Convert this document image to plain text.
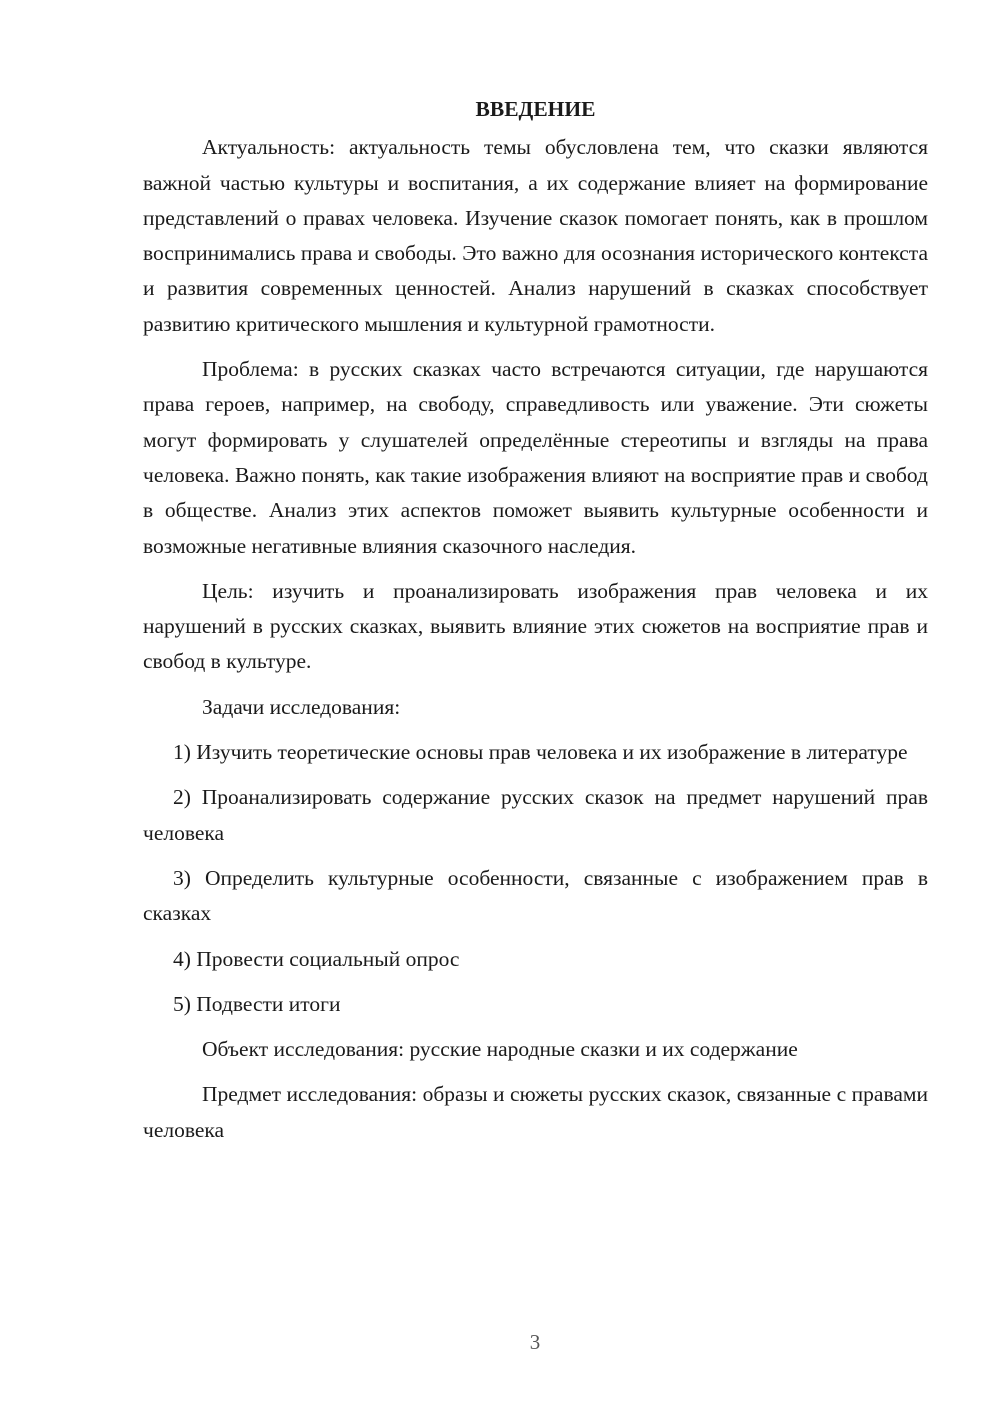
ВВЕДЕНИЕ

Актуальность: актуальность темы обусловлена тем, что сказки являются важной частью культуры и воспитания, а их содержание влияет на формирование представлений о правах человека. Изучение сказок помогает понять, как в прошлом воспринимались права и свободы. Это важно для осознания исторического контекста и развития современных ценностей. Анализ нарушений в сказках способствует развитию критического мышления и культурной грамотности.

Проблема: в русских сказках часто встречаются ситуации, где нарушаются права героев, например, на свободу, справедливость или уважение. Эти сюжеты могут формировать у слушателей определённые стереотипы и взгляды на права человека. Важно понять, как такие изображения влияют на восприятие прав и свобод в обществе. Анализ этих аспектов поможет выявить культурные особенности и возможные негативные влияния сказочного наследия.

Цель: изучить и проанализировать изображения прав человека и их нарушений в русских сказках, выявить влияние этих сюжетов на восприятие прав и свобод в культуре.

Задачи исследования:

1) Изучить теоретические основы прав человека и их изображение в литературе

2) Проанализировать содержание русских сказок на предмет нарушений прав человека

3) Определить культурные особенности, связанные с изображением прав в сказках

4) Провести социальный опрос

5) Подвести итоги

Объект исследования: русские народные сказки и их содержание

Предмет исследования: образы и сюжеты русских сказок, связанные с правами человека

3
